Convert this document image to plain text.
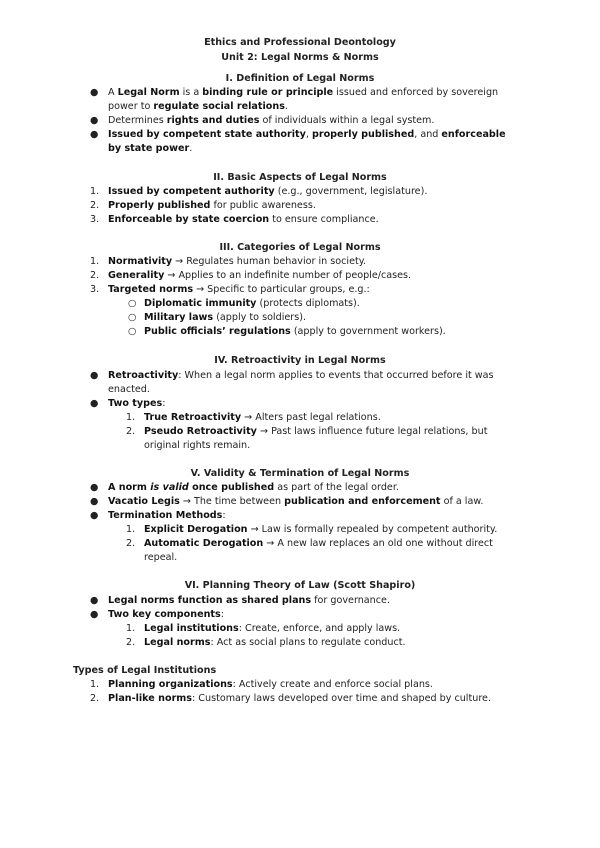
Ethics and Professional Deontology
Unit 2: Legal Norms & Norms
I. Definition of Legal Norms
● A Legal Norm is a binding rule or principle issued and enforced by sovereign power to regulate social relations.
● Determines rights and duties of individuals within a legal system.
● Issued by competent state authority, properly published, and enforceable by state power.
II. Basic Aspects of Legal Norms
1. Issued by competent authority (e.g., government, legislature).
2. Properly published for public awareness.
3. Enforceable by state coercion to ensure compliance.
III. Categories of Legal Norms
1. Normativity → Regulates human behavior in society.
2. Generality → Applies to an indefinite number of people/cases.
3. Targeted norms → Specific to particular groups, e.g.:
○ Diplomatic immunity (protects diplomats).
○ Military laws (apply to soldiers).
○ Public officials’ regulations (apply to government workers).
IV. Retroactivity in Legal Norms
● Retroactivity: When a legal norm applies to events that occurred before it was enacted.
● Two types:
1. True Retroactivity → Alters past legal relations.
2. Pseudo Retroactivity → Past laws influence future legal relations, but original rights remain.
V. Validity & Termination of Legal Norms
● A norm is valid once published as part of the legal order.
● Vacatio Legis → The time between publication and enforcement of a law.
● Termination Methods:
1. Explicit Derogation → Law is formally repealed by competent authority.
2. Automatic Derogation → A new law replaces an old one without direct repeal.
VI. Planning Theory of Law (Scott Shapiro)
● Legal norms function as shared plans for governance.
● Two key components:
1. Legal institutions: Create, enforce, and apply laws.
2. Legal norms: Act as social plans to regulate conduct.
Types of Legal Institutions
1. Planning organizations: Actively create and enforce social plans.
2. Plan-like norms: Customary laws developed over time and shaped by culture.
